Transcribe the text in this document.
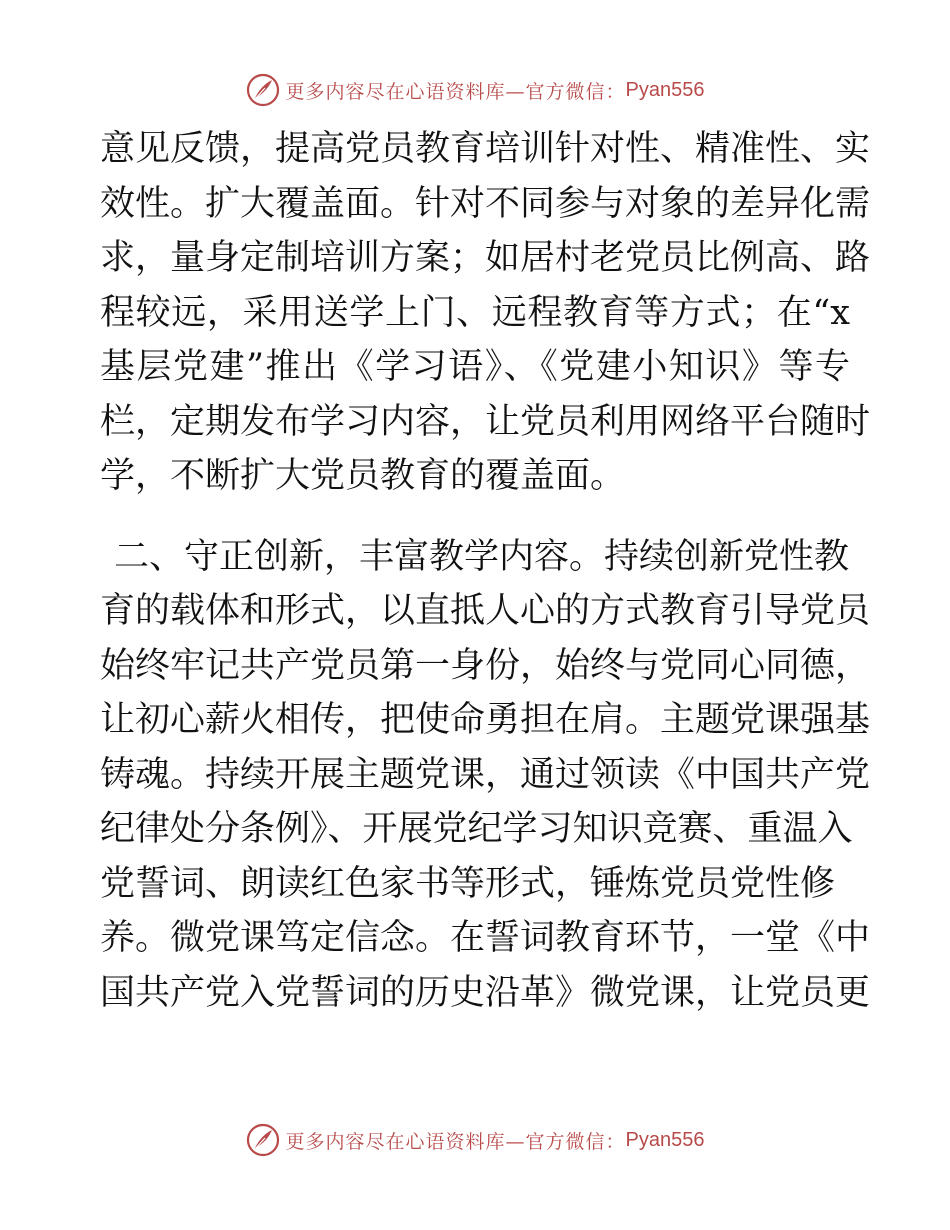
更多内容尽在心语资料库—官方微信： Pyan556
意见反馈，提高党员教育培训针对性、精准性、实
效性。扩大覆盖面。针对不同参与对象的差异化需
求，量身定制培训方案；如居村老党员比例高、路
程较远，采用送学上门、远程教育等方式；在“x
基层党建”推出《学习语》、《党建小知识》等专
栏，定期发布学习内容，让党员利用网络平台随时
学，不断扩大党员教育的覆盖面。
二、守正创新，丰富教学内容。持续创新党性教
育的载体和形式，以直抵人心的方式教育引导党员
始终牢记共产党员第一身份，始终与党同心同德，
让初心薪火相传，把使命勇担在肩。主题党课强基
铸魂。持续开展主题党课，通过领读《中国共产党
纪律处分条例》、开展党纪学习知识竞赛、重温入
党誓词、朗读红色家书等形式，锤炼党员党性修
养。微党课笃定信念。在誓词教育环节，一堂《中
国共产党入党誓词的历史沿革》微党课，让党员更
更多内容尽在心语资料库—官方微信： Pyan556
